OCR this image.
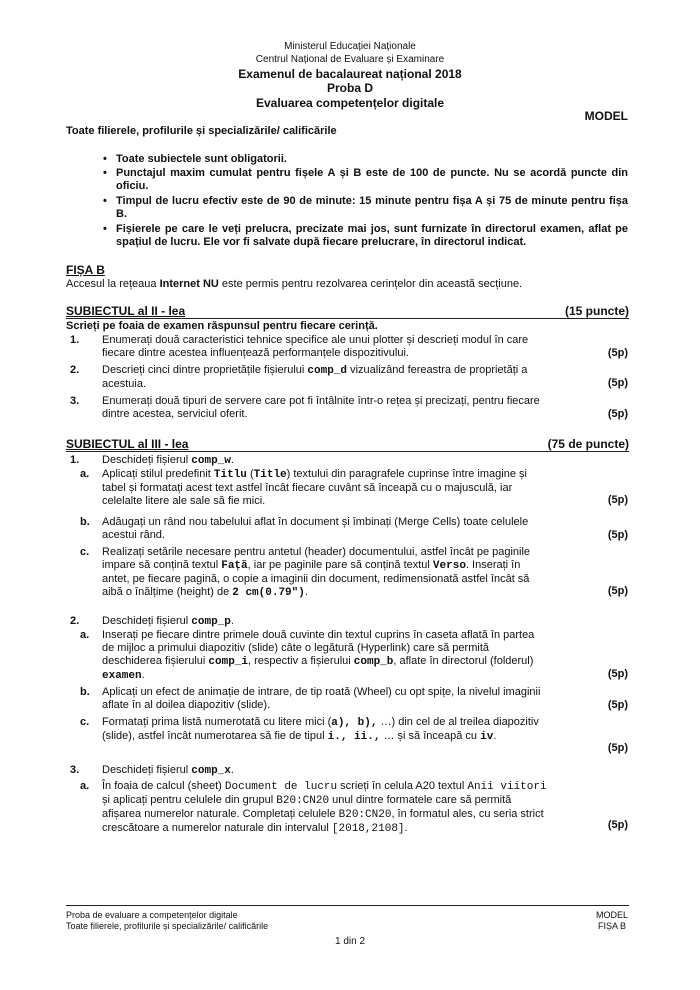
Ministerul Educației Naționale
Centrul Național de Evaluare și Examinare
Examenul de bacalaureat național 2018
Proba D
Evaluarea competențelor digitale
MODEL
Toate filierele, profilurile și specializările/ calificările
• Toate subiectele sunt obligatorii.
• Punctajul maxim cumulat pentru fișele A și B este de 100 de puncte. Nu se acordă puncte din oficiu.
• Timpul de lucru efectiv este de 90 de minute: 15 minute pentru fișa A și 75 de minute pentru fișa B.
• Fișierele pe care le veți prelucra, precizate mai jos, sunt furnizate în directorul examen, aflat pe spațiul de lucru. Ele vor fi salvate după fiecare prelucrare, în directorul indicat.
FIȘA B
Accesul la rețeaua Internet NU este permis pentru rezolvarea cerințelor din această secțiune.
SUBIECTUL al II - lea	(15 puncte)
Scrieți pe foaia de examen răspunsul pentru fiecare cerință.
1.	Enumerați două caracteristici tehnice specifice ale unui plotter și descrieți modul în care
fiecare dintre acestea influențează performanțele dispozitivului.	(5p)
2.	Descrieți cinci dintre proprietățile fișierului comp_d vizualizând fereastra de proprietăți a
acestuia.	(5p)
3.	Enumerați două tipuri de servere care pot fi întâlnite într-o rețea și precizați, pentru fiecare
dintre acestea, serviciul oferit.	(5p)
SUBIECTUL al III - lea	(75 de puncte)
1.	Deschideți fișierul comp_w.
a.	Aplicați stilul predefinit Titlu (Title) textului din paragrafele cuprinse între imagine și
tabel și formatați acest text astfel încât fiecare cuvânt să înceapă cu o majusculă, iar
celelalte litere ale sale să fie mici.	(5p)
b.	Adăugați un rând nou tabelului aflat în document și îmbinați (Merge Cells) toate celulele
acestui rând.	(5p)
c.	Realizați setările necesare pentru antetul (header) documentului, astfel încât pe paginile
impare să conțină textul Față, iar pe paginile pare să conțină textul Verso. Inserați în
antet, pe fiecare pagină, o copie a imaginii din document, redimensionată astfel încât să
aibă o înălțime (height) de 2 cm(0.79").	(5p)
2.	Deschideți fișierul comp_p.
a.	Inserați pe fiecare dintre primele două cuvinte din textul cuprins în caseta aflată în partea
de mijloc a primului diapozitiv (slide) câte o legătură (Hyperlink) care să permită
deschiderea fișierului comp_i, respectiv a fișierului comp_b, aflate în directorul (folderul)
examen.	(5p)
b.	Aplicați un efect de animație de intrare, de tip roată (Wheel) cu opt spițe, la nivelul imaginii
aflate în al doilea diapozitiv (slide).	(5p)
c.	Formatați prima listă numerotată cu litere mici (a), b), …) din cel de al treilea diapozitiv
(slide), astfel încât numerotarea să fie de tipul i., ii., … și să înceapă cu iv.
(5p)
3.	Deschideți fișierul comp_x.
a.	În foaia de calcul (sheet) Document de lucru scrieți în celula A20 textul Anii viitori
și aplicați pentru celulele din grupul B20:CN20 unul dintre formatele care să permită
afișarea numerelor naturale. Completați celulele B20:CN20, în formatul ales, cu seria strict
crescătoare a numerelor naturale din intervalul [2018,2108].	(5p)
Proba de evaluare a competențelor digitale
Toate filierele, profilurile și specializările/ calificările
MODEL
FIȘA B
1 din 2
